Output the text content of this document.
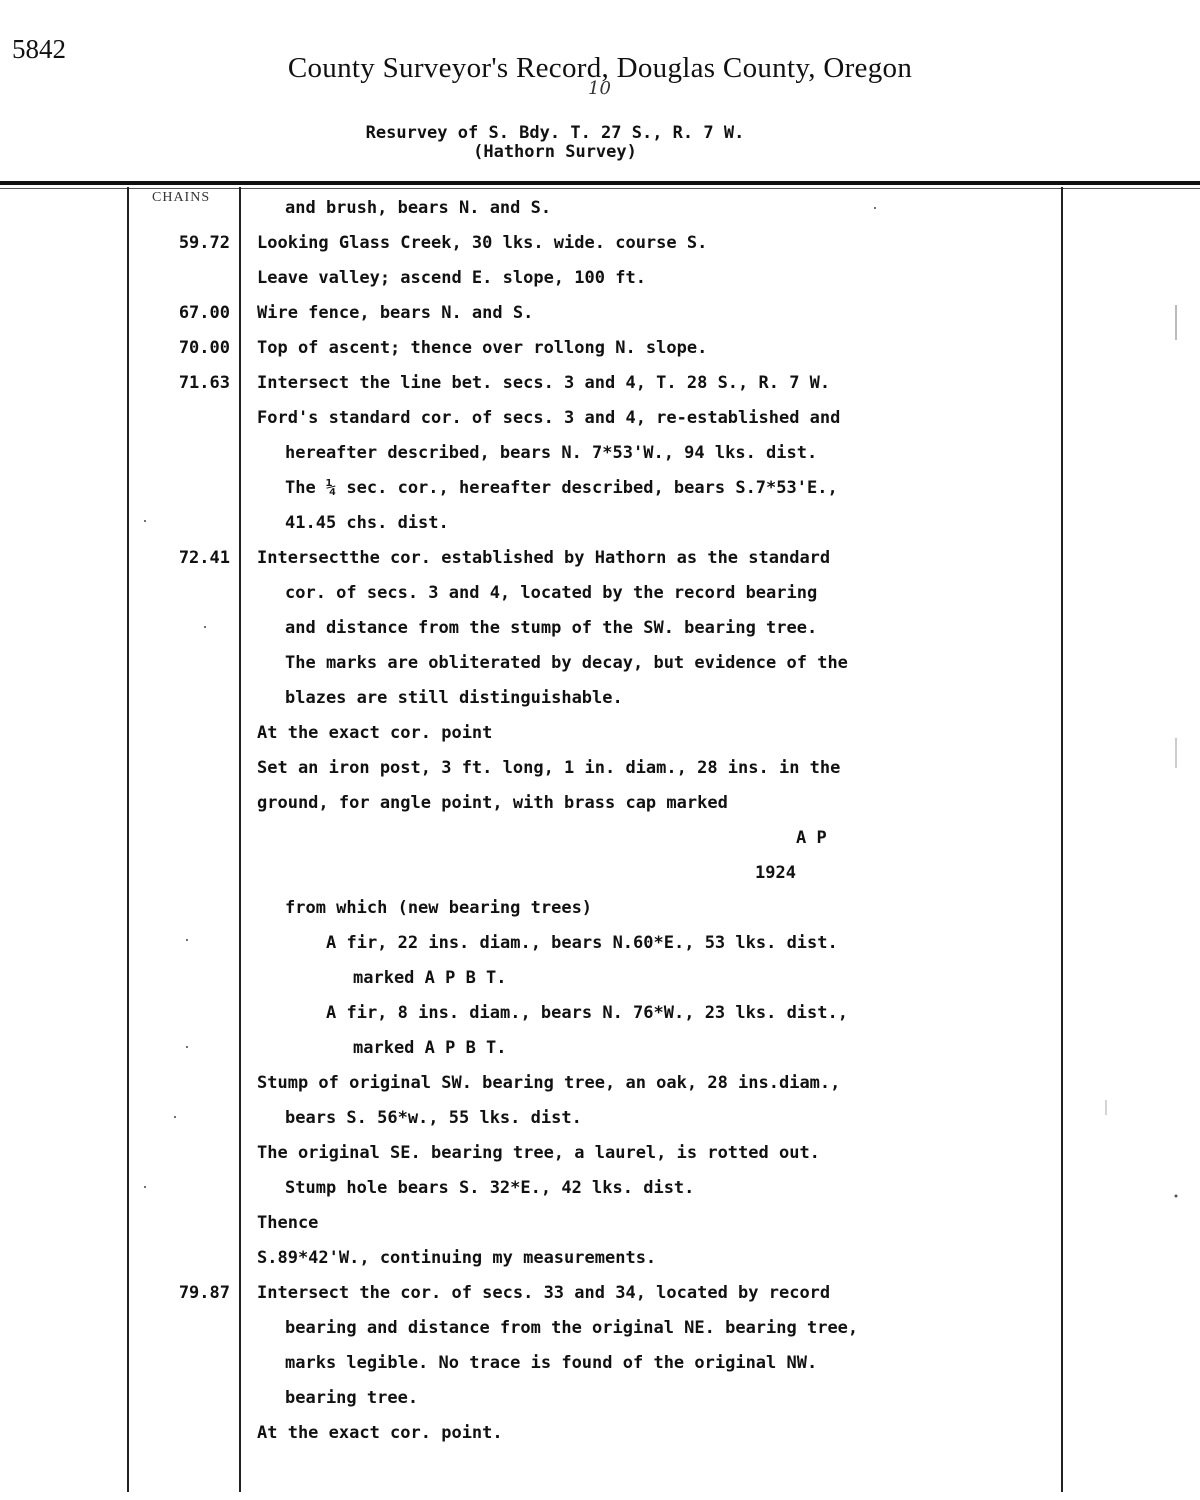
5842
County Surveyor's Record, Douglas County, Oregon
10
Resurvey of S. Bdy. T. 27 S., R. 7 W.
(Hathorn Survey)
CHAINS
and brush, bears N. and S.
59.72 Looking Glass Creek, 30 lks. wide. course S.
Leave valley; ascend E. slope, 100 ft.
67.00 Wire fence, bears N. and S.
70.00 Top of ascent; thence over rollong N. slope.
71.63 Intersect the line bet. secs. 3 and 4, T. 28 S., R. 7 W.
Ford's standard cor. of secs. 3 and 4, re-established and
hereafter described, bears N. 7*53'W., 94 lks. dist.
The ¼ sec. cor., hereafter described, bears S.7*53'E.,
41.45 chs. dist.
72.41 Intersectthe cor. established by Hathorn as the standard
cor. of secs. 3 and 4, located by the record bearing
and distance from the stump of the SW. bearing tree.
The marks are obliterated by decay, but evidence of the
blazes are still distinguishable.
At the exact cor. point
Set an iron post, 3 ft. long, 1 in. diam., 28 ins. in the
ground, for angle point, with brass cap marked
A P
1924
from which (new bearing trees)
A fir, 22 ins. diam., bears N.60*E., 53 lks. dist.
marked A P B T.
A fir, 8 ins. diam., bears N. 76*W., 23 lks. dist.,
marked A P B T.
Stump of original SW. bearing tree, an oak, 28 ins.diam.,
bears S. 56*w., 55 lks. dist.
The original SE. bearing tree, a laurel, is rotted out.
Stump hole bears S. 32*E., 42 lks. dist.
Thence
S.89*42'W., continuing my measurements.
79.87 Intersect the cor. of secs. 33 and 34, located by record
bearing and distance from the original NE. bearing tree,
marks legible. No trace is found of the original NW.
bearing tree.
At the exact cor. point.
